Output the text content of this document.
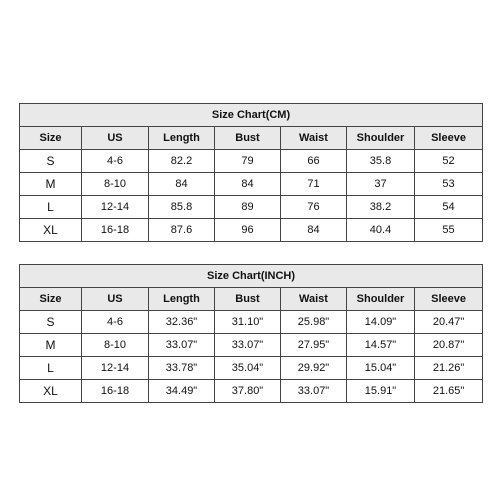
Size Chart(CM)						
Size	US	Length	Bust	Waist	Shoulder	Sleeve
S	4-6	82.2	79	66	35.8	52
M	8-10	84	84	71	37	53
L	12-14	85.8	89	76	38.2	54
XL	16-18	87.6	96	84	40.4	55
Size Chart(INCH)						
Size	US	Length	Bust	Waist	Shoulder	Sleeve
S	4-6	32.36"	31.10"	25.98"	14.09"	20.47"
M	8-10	33.07"	33.07"	27.95"	14.57"	20.87"
L	12-14	33.78"	35.04"	29.92"	15.04"	21.26"
XL	16-18	34.49"	37.80"	33.07"	15.91"	21.65"
